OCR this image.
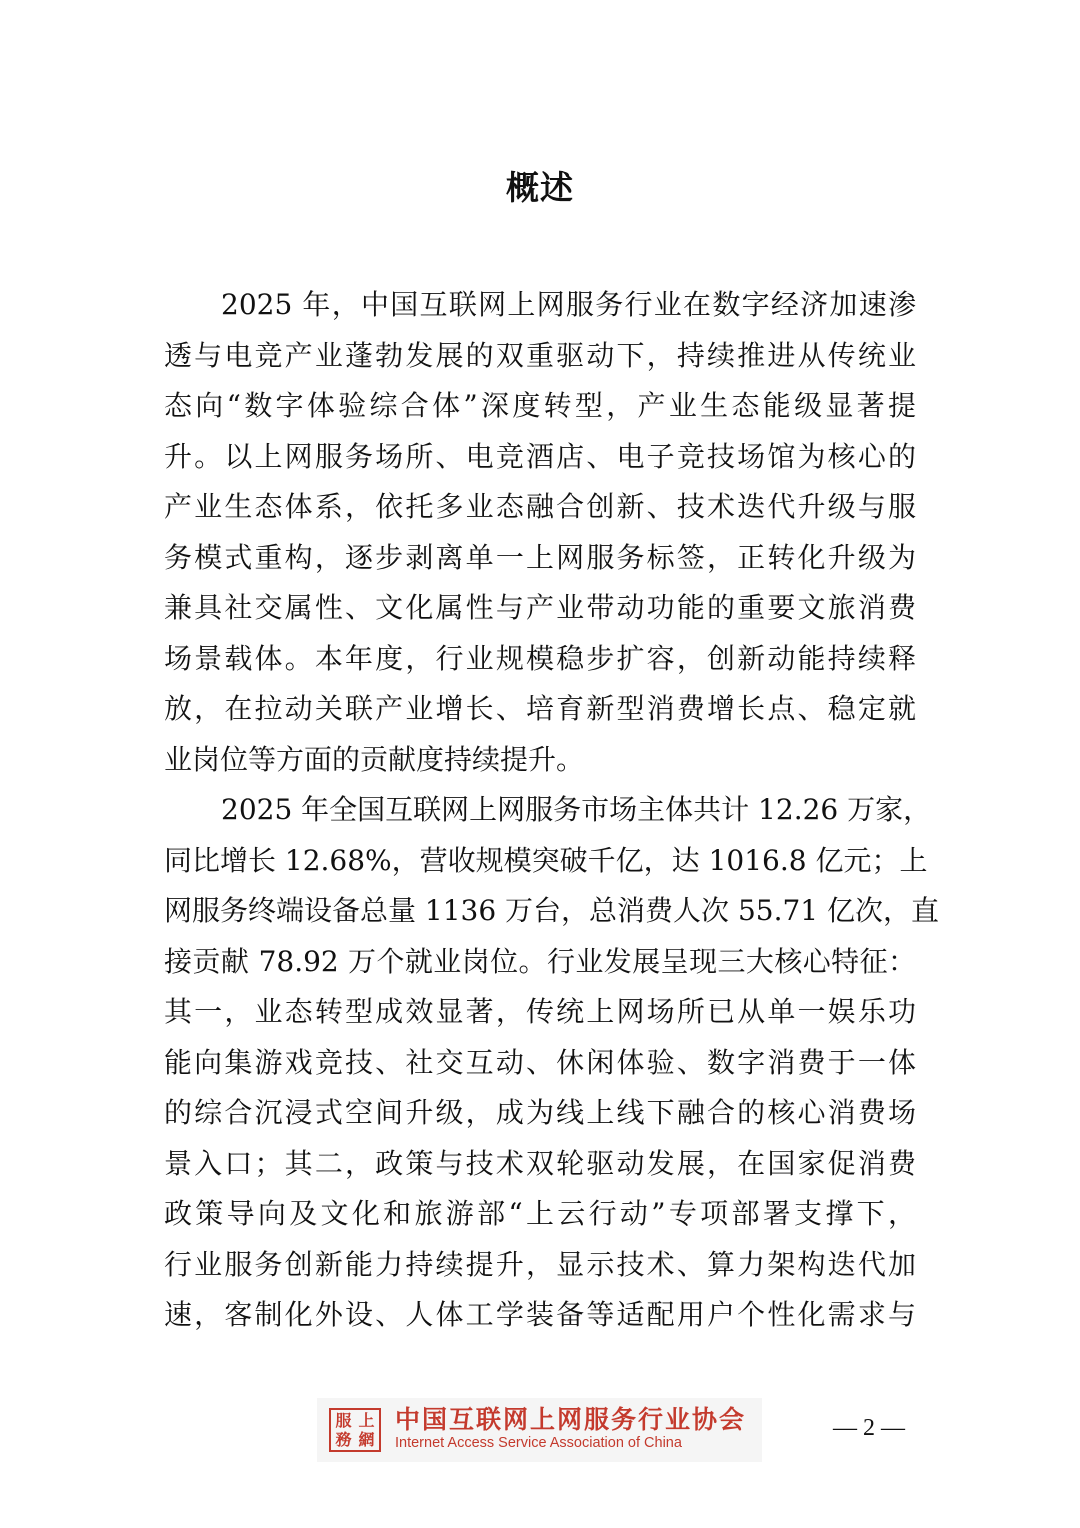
概述
2025 年，中国互联网上网服务行业在数字经济加速渗
透与电竞产业蓬勃发展的双重驱动下，持续推进从传统业
态向“数字体验综合体”深度转型，产业生态能级显著提
升。以上网服务场所、电竞酒店、电子竞技场馆为核心的
产业生态体系，依托多业态融合创新、技术迭代升级与服
务模式重构，逐步剥离单一上网服务标签，正转化升级为
兼具社交属性、文化属性与产业带动功能的重要文旅消费
场景载体。本年度，行业规模稳步扩容，创新动能持续释
放，在拉动关联产业增长、培育新型消费增长点、稳定就
业岗位等方面的贡献度持续提升。
2025 年全国互联网上网服务市场主体共计 12.26 万家，
同比增长 12.68%，营收规模突破千亿，达 1016.8 亿元；上
网服务终端设备总量 1136 万台，总消费人次 55.71 亿次，直
接贡献 78.92 万个就业岗位。行业发展呈现三大核心特征：
其一，业态转型成效显著，传统上网场所已从单一娱乐功
能向集游戏竞技、社交互动、休闲体验、数字消费于一体
的综合沉浸式空间升级，成为线上线下融合的核心消费场
景入口；其二，政策与技术双轮驱动发展，在国家促消费
政策导向及文化和旅游部“上云行动”专项部署支撑下，
行业服务创新能力持续提升，显示技术、算力架构迭代加
速，客制化外设、人体工学装备等适配用户个性化需求与
服 上
務 網
中国互联网上网服务行业协会
Internet Access Service Association of China
— 2 —
